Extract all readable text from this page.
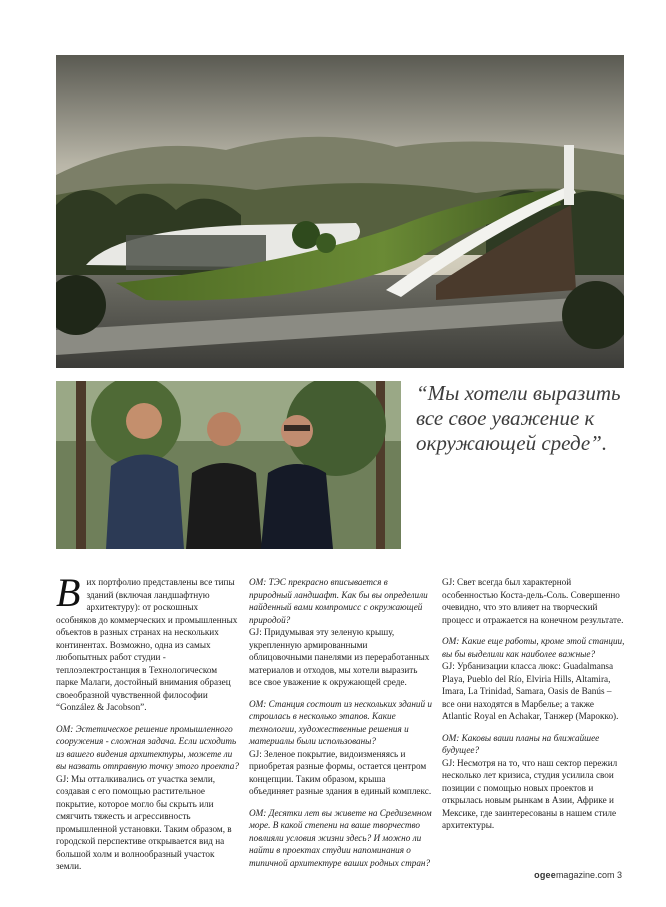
“Мы хотели выразить все свое уважение к окружающей среде”.

В их портфолио представлены все типы зданий (включая ландшафтную архитектуру): от роскошных особняков до коммерческих и промышленных объектов в разных странах на нескольких континентах. Возможно, одна из самых любопытных работ студии - теплоэлектростанция в Технологическом парке Малаги, достойный внимания образец своеобразной чувственной философии “González & Jacobson”.

OM: Эстетическое решение промышленного сооружения - сложная задача. Если исходить из вашего видения архитектуры, можете ли вы назвать отправную точку этого проекта?
GJ: Мы отталкивались от участка земли, создавая с его помощью растительное покрытие, которое могло бы скрыть или смягчить тяжесть и агрессивность промышленной установки. Таким образом, в городской перспективе открывается вид на большой холм и волнообразный участок земли.

OM: ТЭС прекрасно вписывается в природный ландшафт. Как бы вы определили найденный вами компромисс с окружающей природой?
GJ: Придумывая эту зеленую крышу, укрепленную армированными облицовочными панелями из переработанных материалов и отходов, мы хотели выразить все свое уважение к окружающей среде.

OM: Станция состоит из нескольких зданий и строилась в несколько этапов. Какие технологии, художественные решения и материалы были использованы?
GJ: Зеленое покрытие, видоизменяясь и приобретая разные формы, остается центром концепции. Таким образом, крыша объединяет разные здания в единый комплекс.

OM: Десятки лет вы живете на Средиземном море. В какой степени на ваше творчество повлияли условия жизни здесь? И можно ли найти в проектах студии напоминания о типичной архитектуре ваших родных стран?

GJ: Свет всегда был характерной особенностью Коста-дель-Соль. Совершенно очевидно, что это влияет на творческий процесс и отражается на конечном результате.

OM: Какие еще работы, кроме этой станции, вы бы выделили как наиболее важные?
GJ: Урбанизации класса люкс: Guadalmansa Playa, Pueblo del Río, Elviria Hills, Altamira, Imara, La Trinidad, Samara, Oasis de Banús – все они находятся в Марбелье; а также Atlantic Royal en Achakar, Танжер (Марокко).

OM: Каковы ваши планы на ближайшее будущее?
GJ: Несмотря на то, что наш сектор пережил несколько лет кризиса, студия усилила свои позиции с помощью новых проектов и открылась новым рынкам в Азии, Африке и Мексике, где заинтересованы в нашем стиле архитектуры.

ogeemagazine.com 3
